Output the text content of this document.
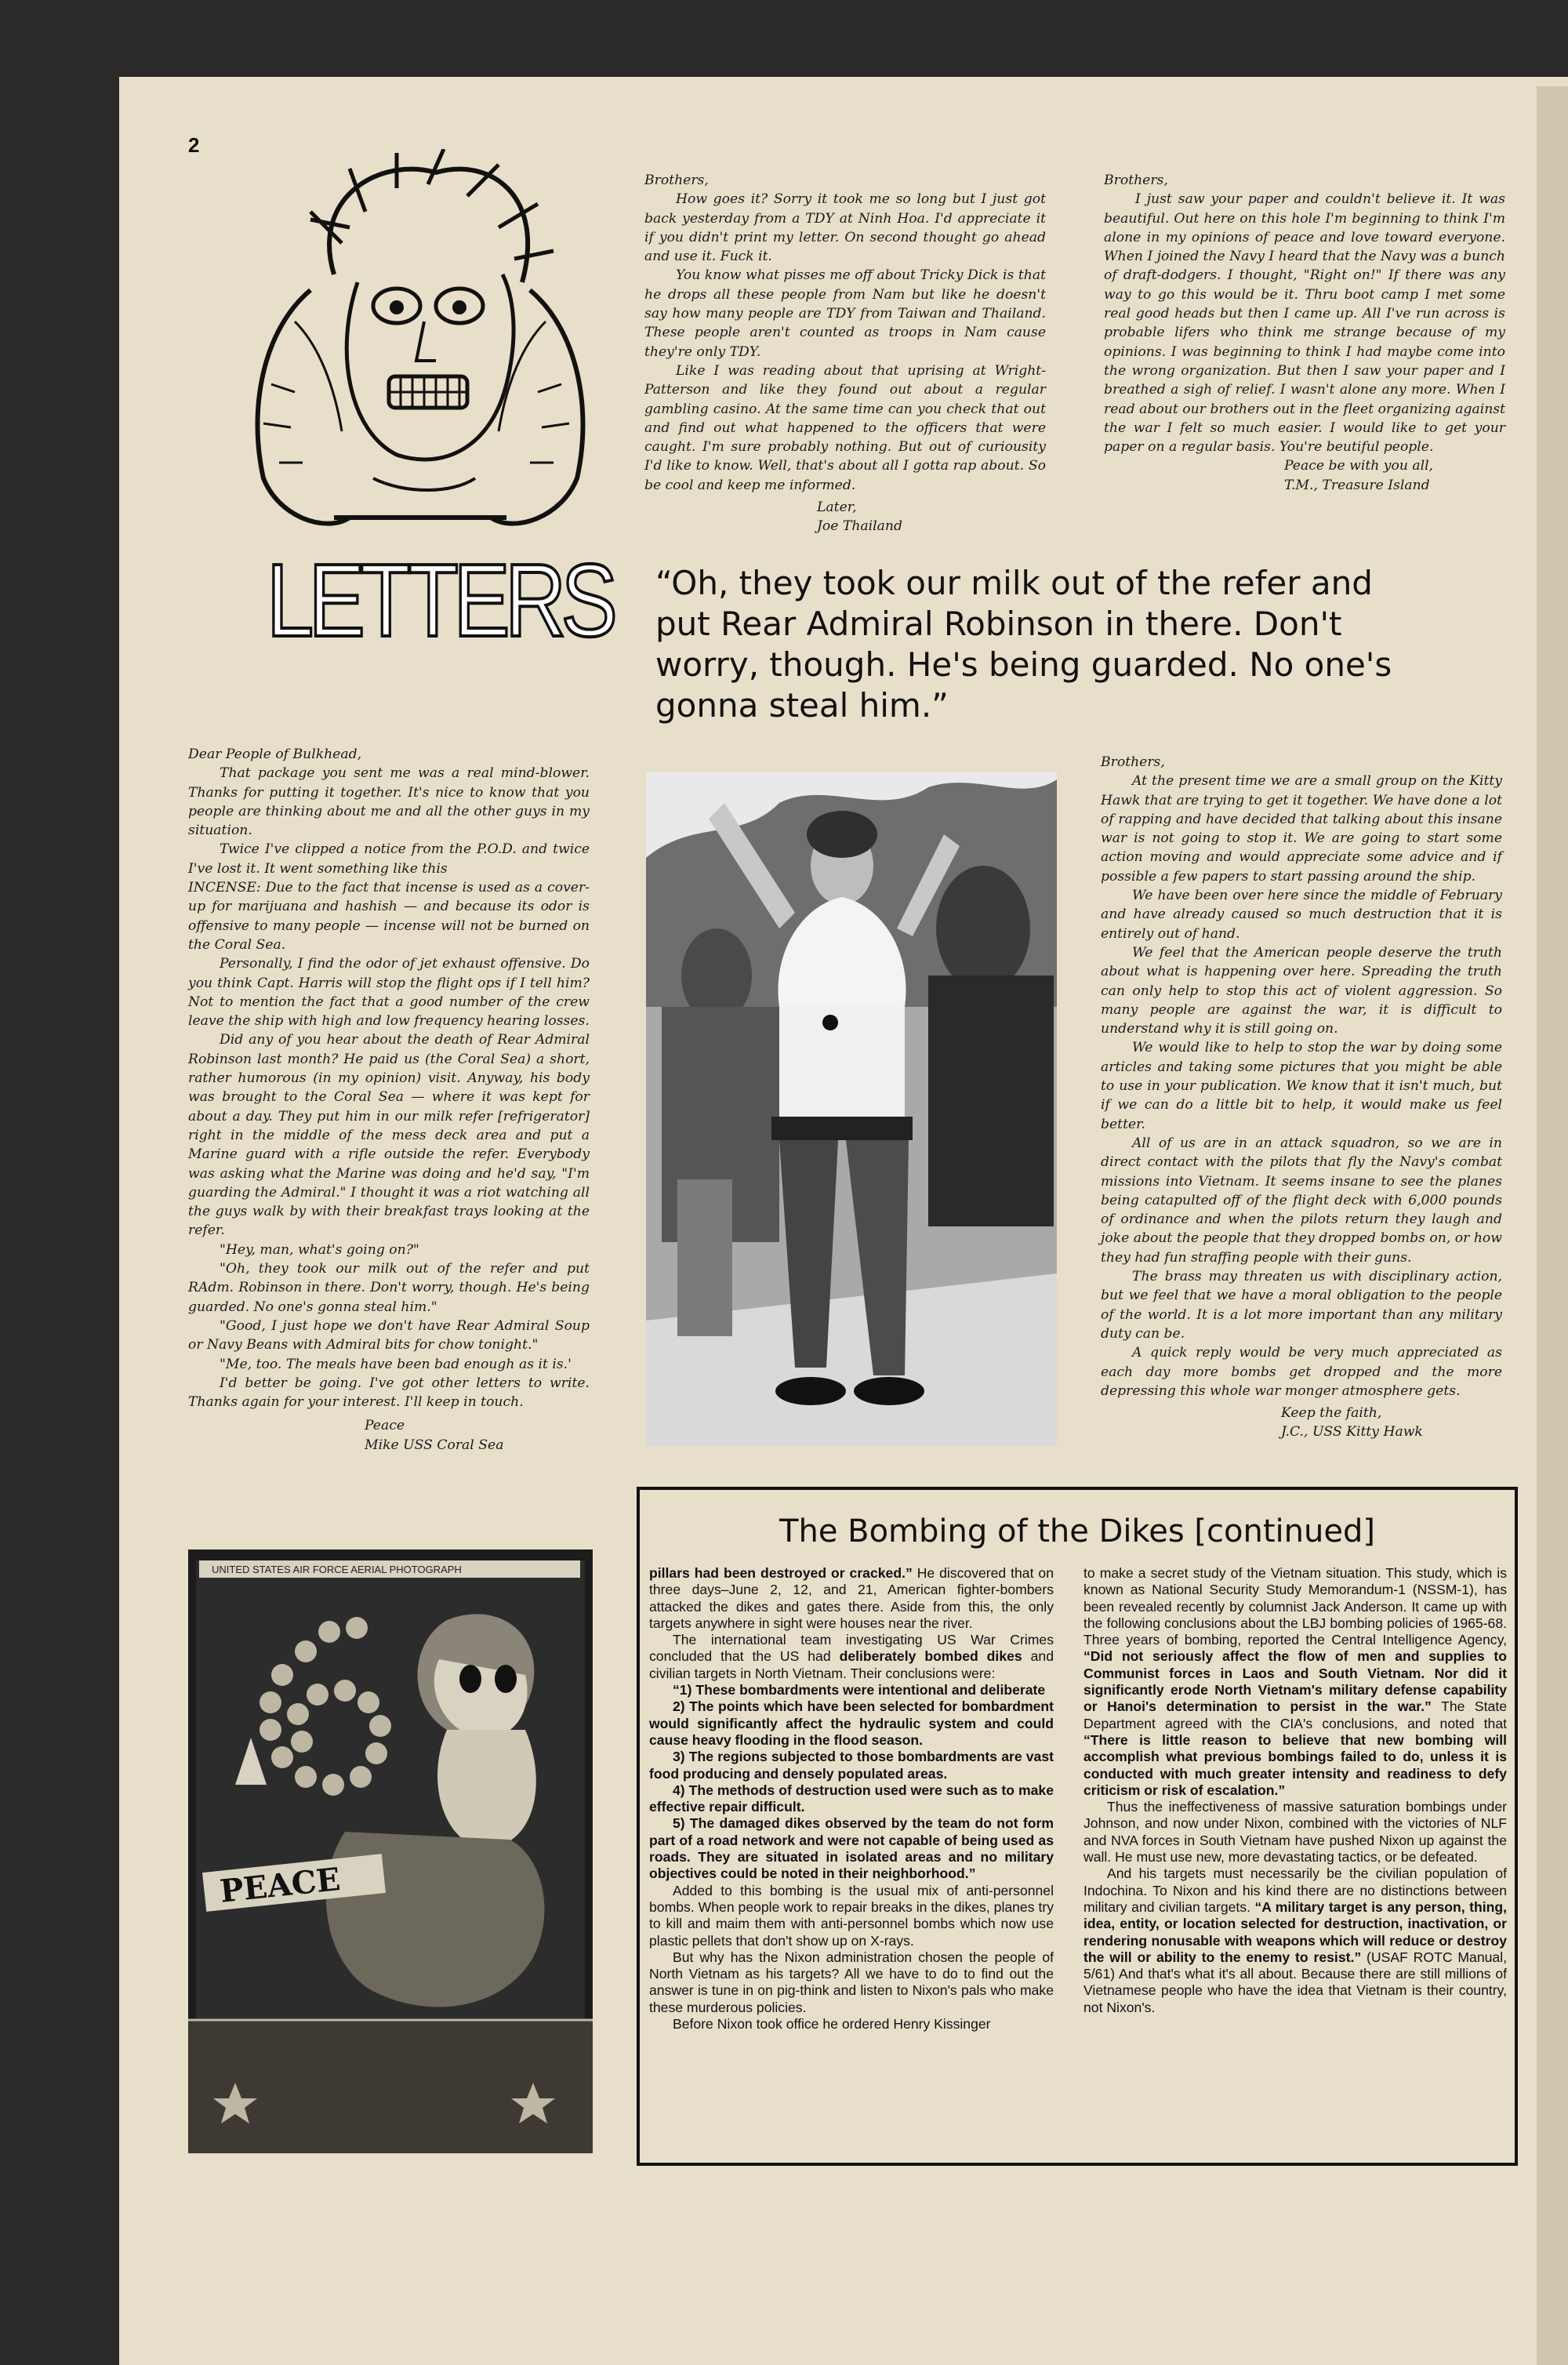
2
LETTERS

Brothers,

How goes it? Sorry it took me so long but I just got back yesterday from a TDY at Ninh Hoa. I'd appreciate it if you didn't print my letter. On second thought go ahead and use it. Fuck it.

You know what pisses me off about Tricky Dick is that he drops all these people from Nam but like he doesn't say how many people are TDY from Taiwan and Thailand. These people aren't counted as troops in Nam cause they're only TDY.

Like I was reading about that uprising at Wright-Patterson and like they found out about a regular gambling casino. At the same time can you check that out and find out what happened to the officers that were caught. I'm sure probably nothing. But out of curiousity I'd like to know. Well, that's about all I gotta rap about. So be cool and keep me informed.

Later,

Joe Thailand

Brothers,

I just saw your paper and couldn't believe it. It was beautiful. Out here on this hole I'm beginning to think I'm alone in my opinions of peace and love toward everyone. When I joined the Navy I heard that the Navy was a bunch of draft-dodgers. I thought, "Right on!" If there was any way to go this would be it. Thru boot camp I met some real good heads but then I came up. All I've run across is probable lifers who think me strange because of my opinions. I was beginning to think I had maybe come into the wrong organization. But then I saw your paper and I breathed a sigh of relief. I wasn't alone any more. When I read about our brothers out in the fleet organizing against the war I felt so much easier. I would like to get your paper on a regular basis. You're beutiful people.

Peace be with you all,

T.M., Treasure Island

“Oh, they took our milk out of the refer and put Rear Admiral Robinson in there. Don't worry, though. He's being guarded. No one's gonna steal him.”

Dear People of Bulkhead,

That package you sent me was a real mind-blower. Thanks for putting it together. It's nice to know that you people are thinking about me and all the other guys in my situation.

Twice I've clipped a notice from the P.O.D. and twice I've lost it. It went something like this

INCENSE: Due to the fact that incense is used as a cover-up for marijuana and hashish — and because its odor is offensive to many people — incense will not be burned on the Coral Sea.

Personally, I find the odor of jet exhaust offensive. Do you think Capt. Harris will stop the flight ops if I tell him? Not to mention the fact that a good number of the crew leave the ship with high and low frequency hearing losses.

Did any of you hear about the death of Rear Admiral Robinson last month? He paid us (the Coral Sea) a short, rather humorous (in my opinion) visit. Anyway, his body was brought to the Coral Sea — where it was kept for about a day. They put him in our milk refer [refrigerator] right in the middle of the mess deck area and put a Marine guard with a rifle outside the refer. Everybody was asking what the Marine was doing and he'd say, "I'm guarding the Admiral." I thought it was a riot watching all the guys walk by with their breakfast trays looking at the refer.

"Hey, man, what's going on?"

"Oh, they took our milk out of the refer and put RAdm. Robinson in there. Don't worry, though. He's being guarded. No one's gonna steal him."

"Good, I just hope we don't have Rear Admiral Soup or Navy Beans with Admiral bits for chow tonight."

"Me, too. The meals have been bad enough as it is.'

I'd better be going. I've got other letters to write. Thanks again for your interest. I'll keep in touch.

Peace

Mike USS Coral Sea

Brothers,

At the present time we are a small group on the Kitty Hawk that are trying to get it together. We have done a lot of rapping and have decided that talking about this insane war is not going to stop it. We are going to start some action moving and would appreciate some advice and if possible a few papers to start passing around the ship.

We have been over here since the middle of February and have already caused so much destruction that it is entirely out of hand.

We feel that the American people deserve the truth about what is happening over here. Spreading the truth can only help to stop this act of violent aggression. So many people are against the war, it is difficult to understand why it is still going on.

We would like to help to stop the war by doing some articles and taking some pictures that you might be able to use in your publication. We know that it isn't much, but if we can do a little bit to help, it would make us feel better.

All of us are in an attack squadron, so we are in direct contact with the pilots that fly the Navy's combat missions into Vietnam. It seems insane to see the planes being catapulted off of the flight deck with 6,000 pounds of ordinance and when the pilots return they laugh and joke about the people that they dropped bombs on, or how they had fun straffing people with their guns.

The brass may threaten us with disciplinary action, but we feel that we have a moral obligation to the people of the world. It is a lot more important than any military duty can be.

A quick reply would be very much appreciated as each day more bombs get dropped and the more depressing this whole war monger atmosphere gets.

Keep the faith,

J.C., USS Kitty Hawk

UNITED STATES AIR FORCE AERIAL PHOTOGRAPH
PEACE
The Bombing of the Dikes [continued]

pillars had been destroyed or cracked.” He discovered that on three days–June 2, 12, and 21, American fighter-bombers attacked the dikes and gates there. Aside from this, the only targets anywhere in sight were houses near the river.

The international team investigating US War Crimes concluded that the US had deliberately bombed dikes and civilian targets in North Vietnam. Their conclusions were:

“1) These bombardments were intentional and deliberate

2) The points which have been selected for bombardment would significantly affect the hydraulic system and could cause heavy flooding in the flood season.

3) The regions subjected to those bombardments are vast food producing and densely populated areas.

4) The methods of destruction used were such as to make effective repair difficult.

5) The damaged dikes observed by the team do not form part of a road network and were not capable of being used as roads. They are situated in isolated areas and no military objectives could be noted in their neighborhood.”

Added to this bombing is the usual mix of anti-personnel bombs. When people work to repair breaks in the dikes, planes try to kill and maim them with anti-personnel bombs which now use plastic pellets that don't show up on X-rays.

But why has the Nixon administration chosen the people of North Vietnam as his targets? All we have to do to find out the answer is tune in on pig-think and listen to Nixon's pals who make these murderous policies.

Before Nixon took office he ordered Henry Kissinger

to make a secret study of the Vietnam situation. This study, which is known as National Security Study Memorandum-1 (NSSM-1), has been revealed recently by columnist Jack Anderson. It came up with the following conclusions about the LBJ bombing policies of 1965-68. Three years of bombing, reported the Central Intelligence Agency, “Did not seriously affect the flow of men and supplies to Communist forces in Laos and South Vietnam. Nor did it significantly erode North Vietnam's military defense capability or Hanoi's determination to persist in the war.” The State Department agreed with the CIA's conclusions, and noted that “There is little reason to believe that new bombing will accomplish what previous bombings failed to do, unless it is conducted with much greater intensity and readiness to defy criticism or risk of escalation.”

Thus the ineffectiveness of massive saturation bombings under Johnson, and now under Nixon, combined with the victories of NLF and NVA forces in South Vietnam have pushed Nixon up against the wall. He must use new, more devastating tactics, or be defeated.

And his targets must necessarily be the civilian population of Indochina. To Nixon and his kind there are no distinctions between military and civilian targets. “A military target is any person, thing, idea, entity, or location selected for destruction, inactivation, or rendering nonusable with weapons which will reduce or destroy the will or ability to the enemy to resist.” (USAF ROTC Manual, 5/61) And that's what it's all about. Because there are still millions of Vietnamese people who have the idea that Vietnam is their country, not Nixon's.
